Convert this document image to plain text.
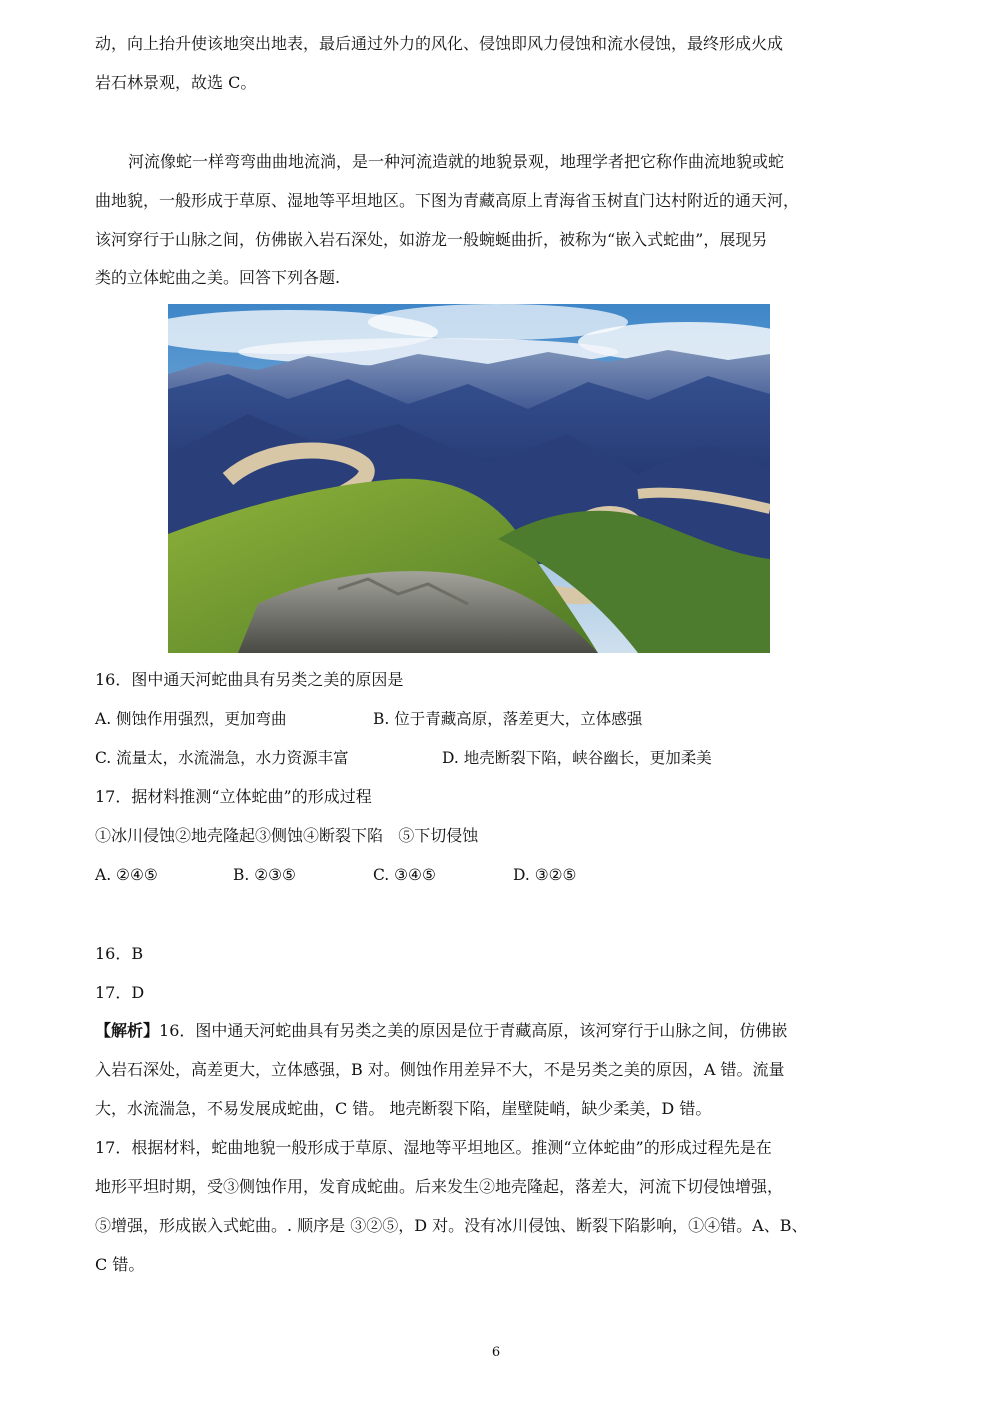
动，向上抬升使该地突出地表，最后通过外力的风化、侵蚀即风力侵蚀和流水侵蚀，最终形成火成
岩石林景观，故选 C。
河流像蛇一样弯弯曲曲地流淌，是一种河流造就的地貌景观，地理学者把它称作曲流地貌或蛇
曲地貌，一般形成于草原、湿地等平坦地区。下图为青藏高原上青海省玉树直门达村附近的通天河，
该河穿行于山脉之间，仿佛嵌入岩石深处，如游龙一般蜿蜒曲折，被称为“嵌入式蛇曲”，展现另
类的立体蛇曲之美。回答下列各题.
16．图中通天河蛇曲具有另类之美的原因是
A. 侧蚀作用强烈，更加弯曲	B. 位于青藏高原，落差更大，立体感强
C. 流量太，水流湍急，水力资源丰富	D. 地壳断裂下陷，峡谷幽长，更加柔美
17．据材料推测“立体蛇曲”的形成过程
①冰川侵蚀②地壳隆起③侧蚀④断裂下陷   ⑤下切侵蚀
A. ②④⑤	B. ②③⑤	C. ③④⑤	D. ③②⑤
16．B
17．D
【解析】16．图中通天河蛇曲具有另类之美的原因是位于青藏高原，该河穿行于山脉之间，仿佛嵌
入岩石深处，高差更大，立体感强，B 对。侧蚀作用差异不大，不是另类之美的原因，A 错。流量
大，水流湍急，不易发展成蛇曲，C 错。 地壳断裂下陷，崖壁陡峭，缺少柔美，D 错。
17．根据材料，蛇曲地貌一般形成于草原、湿地等平坦地区。推测“立体蛇曲”的形成过程先是在
地形平坦时期，受③侧蚀作用，发育成蛇曲。后来发生②地壳隆起，落差大，河流下切侵蚀增强，
⑤增强，形成嵌入式蛇曲。. 顺序是 ③②⑤，D 对。没有冰川侵蚀、断裂下陷影响，①④错。A、B、
C 错。
6
